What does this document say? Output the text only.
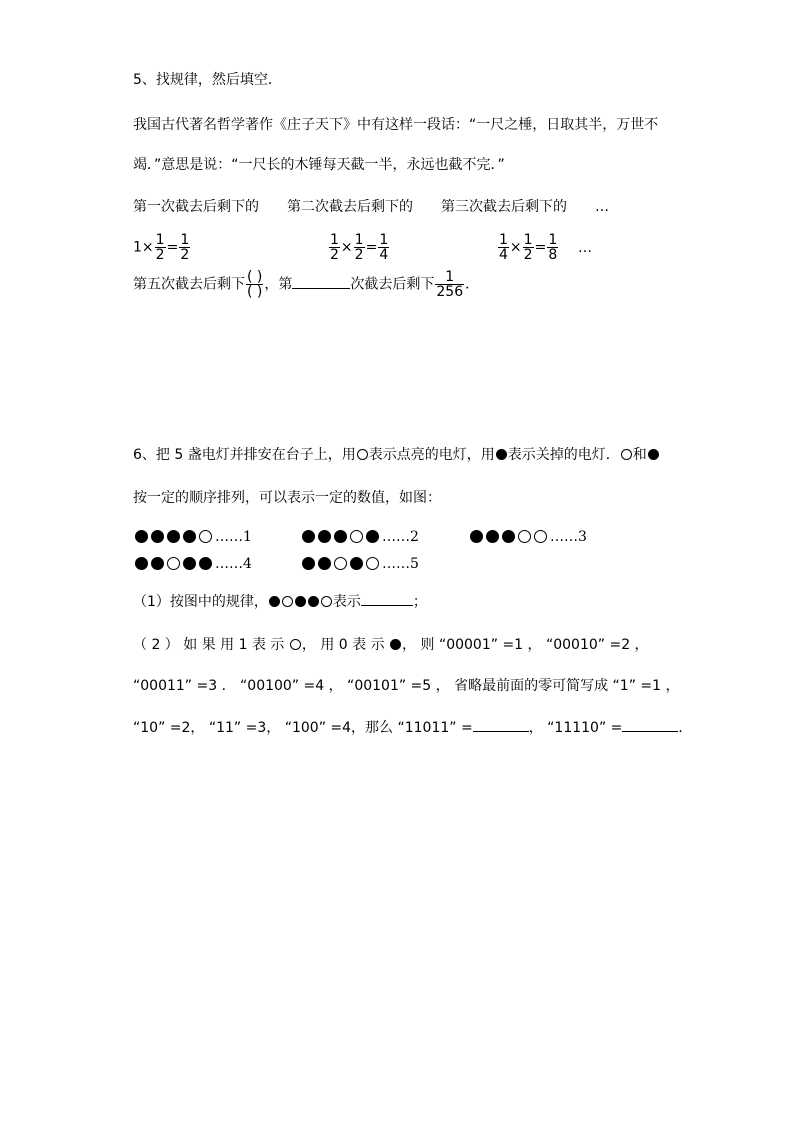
5、找规律，然后填空．
我国古代著名哲学著作《庄子天下》中有这样一段话：“一尺之棰，日取其半，万世不
竭．”意思是说：“一尺长的木锤每天截一半，永远也截不完．”
第一次截去后剩下的 第二次截去后剩下的 第三次截去后剩下的 …
$1\times \frac{1}{2} = \frac{1}{2}$	$\frac{1}{2} \times \frac{1}{2} = \frac{1}{4}$	$\frac{1}{4} \times \frac{1}{2} = \frac{1}{8}$ …
第五次截去后剩下 $\frac{( )}{( )}$ ，第	次截去后剩下 $\frac{1}{256}$ ．
6、把 5 盏电灯并排安在台子上，用 表示点亮的电灯，用 表示关掉的电灯． 和
按一定的顺序排列，可以表示一定的数值，如图：
……1	……2	……3
……4	……5
（1）按图中的规律，	表示	；
（ 2 ） 如 果 用 1 表 示 ， 用 0 表 示 ， 则 “00001” =1 ， “00010” =2 ，
“00011” =3 ． “00100” =4 ， “00101” =5 ， 省略最前面的零可简写成 “1” =1 ，
“10” =2， “11” =3， “100” =4，那么 “11011” =	， “11110” =	．
